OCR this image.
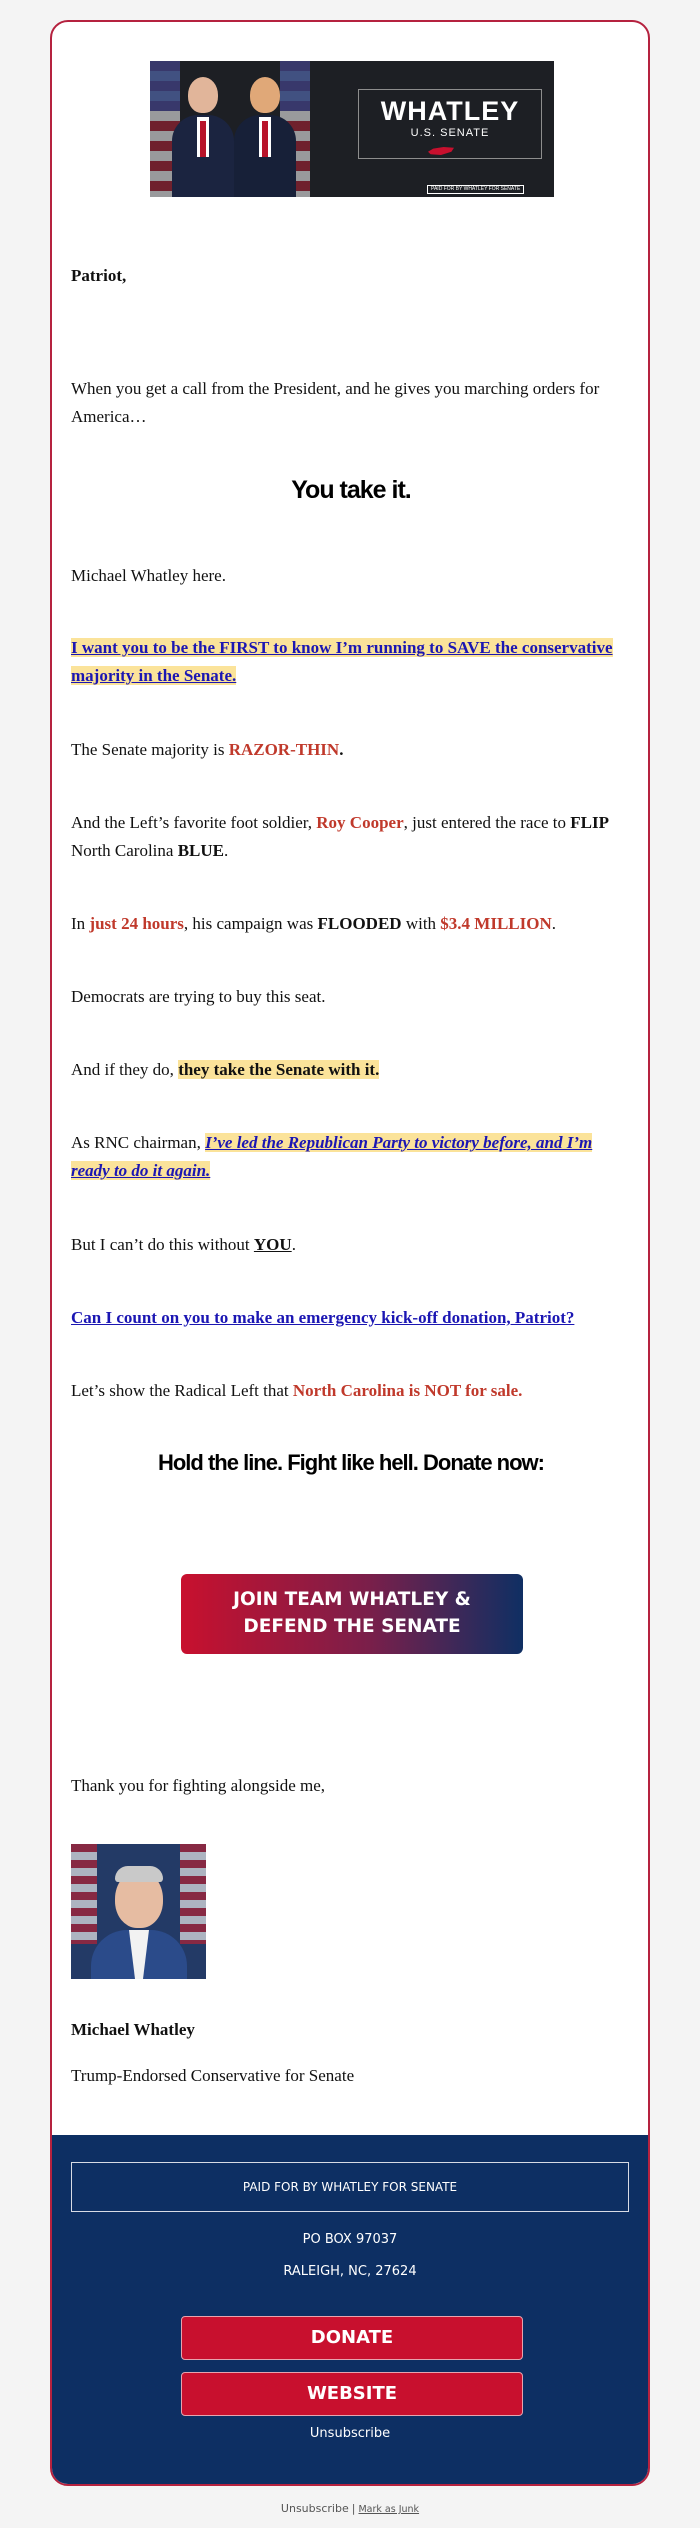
WHATLEY
U.S. SENATE
PAID FOR BY WHATLEY FOR SENATE

Patriot,

When you get a call from the President, and he gives you marching orders for America…

You take it.

Michael Whatley here.

I want you to be the FIRST to know I’m running to SAVE the conservative majority in the Senate.

The Senate majority is RAZOR-THIN.

And the Left’s favorite foot soldier, Roy Cooper, just entered the race to FLIP North Carolina BLUE.

In just 24 hours, his campaign was FLOODED with $3.4 MILLION.

Democrats are trying to buy this seat.

And if they do, they take the Senate with it.

As RNC chairman, I’ve led the Republican Party to victory before, and I’m ready to do it again.

But I can’t do this without YOU.

Can I count on you to make an emergency kick-off donation, Patriot?

Let’s show the Radical Left that North Carolina is NOT for sale.

Hold the line. Fight like hell. Donate now:

JOIN TEAM WHATLEY &
DEFEND THE SENATE

Thank you for fighting alongside me,

Michael Whatley

Trump-Endorsed Conservative for Senate

PAID FOR BY WHATLEY FOR SENATE
PO BOX 97037
RALEIGH, NC, 27624
DONATE
WEBSITE
Unsubscribe
Unsubscribe | Mark as Junk
